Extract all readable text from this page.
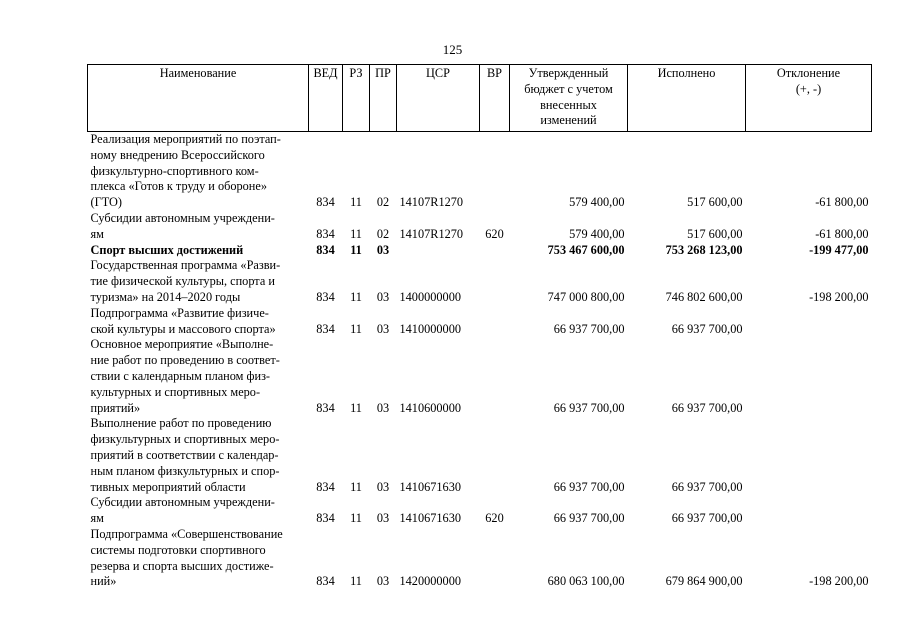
125
Наименование	ВЕД	РЗ	ПР	ЦСР	ВР	Утвержденный
бюджет с учетом
внесенных
изменений	Исполнено	Отклонение
(+, -)

Реализация мероприятий по поэтап-
ному внедрению Всероссийского
физкультурно-спортивного ком-
плекса «Готов к труду и обороне»
(ГТО)	834	11	02	14107R1270		579 400,00	517 600,00	-61 800,00

Субсидии автономным учреждени-
ям	834	11	02	14107R1270	620	579 400,00	517 600,00	-61 800,00

Спорт высших достижений	834	11	03			753 467 600,00	753 268 123,00	-199 477,00

Государственная программа «Разви-
тие физической культуры, спорта и
туризма» на 2014–2020 годы	834	11	03	1400000000		747 000 800,00	746 802 600,00	-198 200,00

Подпрограмма «Развитие физиче-
ской культуры и массового спорта»	834	11	03	1410000000		66 937 700,00	66 937 700,00	

Основное мероприятие «Выполне-
ние работ по проведению в соответ-
ствии с календарным планом физ-
культурных и спортивных меро-
приятий»	834	11	03	1410600000		66 937 700,00	66 937 700,00	

Выполнение работ по проведению
физкультурных и спортивных меро-
приятий в соответствии с календар-
ным планом физкультурных и спор-
тивных мероприятий области	834	11	03	1410671630		66 937 700,00	66 937 700,00	

Субсидии автономным учреждени-
ям	834	11	03	1410671630	620	66 937 700,00	66 937 700,00	

Подпрограмма «Совершенствование
системы подготовки спортивного
резерва и спорта высших достиже-
ний»	834	11	03	1420000000		680 063 100,00	679 864 900,00	-198 200,00
